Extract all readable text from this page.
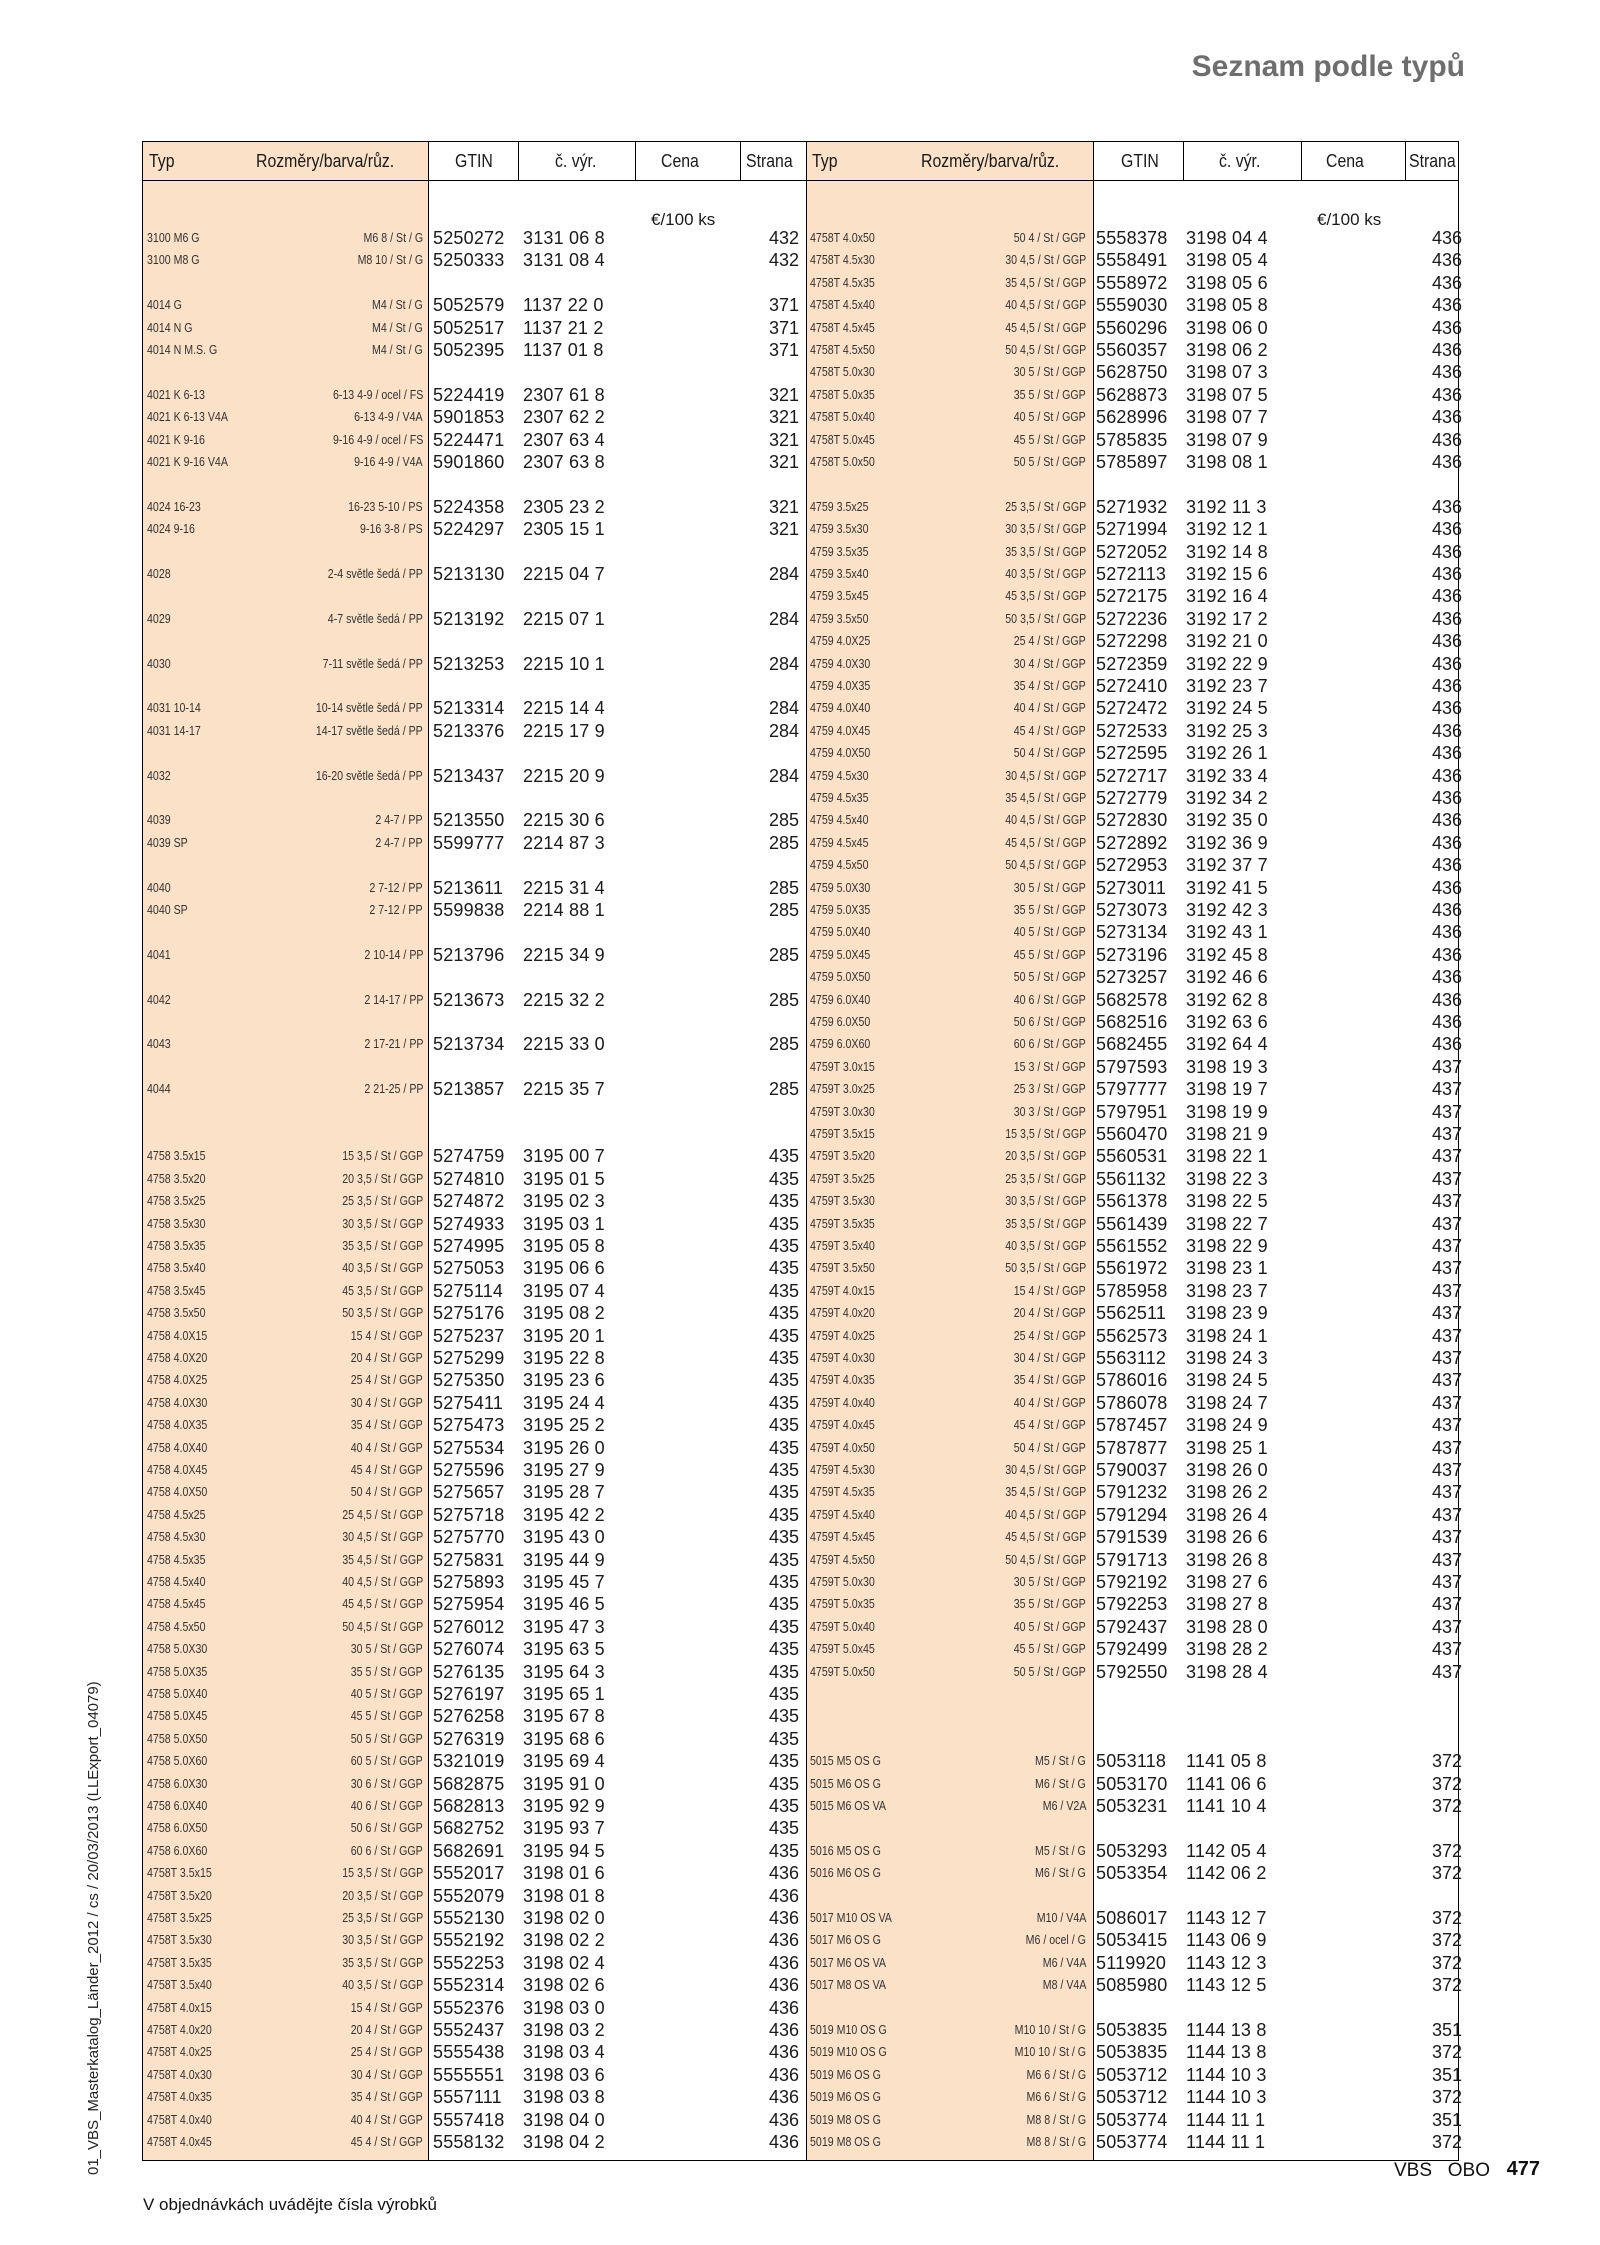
Seznam podle typů
Typ	Rozměry/barva/růz.	GTIN	č. výr.	Cena	Strana Typ	Rozměry/barva/růz.	GTIN	č. výr.	Cena	Strana
€/100 ks	€/100 ks
3100 M6 G	M6 8 / St / G 5250272 3131 06 8	432
3100 M8 G	M8 10 / St / G 5250333 3131 08 4	432
4014 G	M4 / St / G 5052579 1137 22 0	371
4014 N G	M4 / St / G 5052517 1137 21 2	371
4014 N M.S. G	M4 / St / G 5052395 1137 01 8	371
4021 K 6-13	6-13 4-9 / ocel / FS 5224419 2307 61 8	321
4021 K 6-13 V4A	6-13 4-9 / V4A 5901853 2307 62 2	321
4021 K 9-16	9-16 4-9 / ocel / FS 5224471 2307 63 4	321
4021 K 9-16 V4A	9-16 4-9 / V4A 5901860 2307 63 8	321
4024 16-23	16-23 5-10 / PS 5224358 2305 23 2	321
4024 9-16	9-16 3-8 / PS 5224297 2305 15 1	321
4028	2-4 světle šedá / PP 5213130 2215 04 7	284
4029	4-7 světle šedá / PP 5213192 2215 07 1	284
4030	7-11 světle šedá / PP 5213253 2215 10 1	284
4031 10-14	10-14 světle šedá / PP 5213314 2215 14 4	284
4031 14-17	14-17 světle šedá / PP 5213376 2215 17 9	284
4032	16-20 světle šedá / PP 5213437 2215 20 9	284
4039	2 4-7 / PP 5213550 2215 30 6	285
4039 SP	2 4-7 / PP 5599777 2214 87 3	285
4040	2 7-12 / PP 5213611 2215 31 4	285
4040 SP	2 7-12 / PP 5599838 2214 88 1	285
4041	2 10-14 / PP 5213796 2215 34 9	285
4042	2 14-17 / PP 5213673 2215 32 2	285
4043	2 17-21 / PP 5213734 2215 33 0	285
4044	2 21-25 / PP 5213857 2215 35 7	285
4758 3.5x15	15 3,5 / St / GGP 5274759 3195 00 7	435
4758 3.5x20	20 3,5 / St / GGP 5274810 3195 01 5	435
4758 3.5x25	25 3,5 / St / GGP 5274872 3195 02 3	435
4758 3.5x30	30 3,5 / St / GGP 5274933 3195 03 1	435
4758 3.5x35	35 3,5 / St / GGP 5274995 3195 05 8	435
4758 3.5x40	40 3,5 / St / GGP 5275053 3195 06 6	435
4758 3.5x45	45 3,5 / St / GGP 5275114 3195 07 4	435
4758 3.5x50	50 3,5 / St / GGP 5275176 3195 08 2	435
4758 4.0X15	15 4 / St / GGP 5275237 3195 20 1	435
4758 4.0X20	20 4 / St / GGP 5275299 3195 22 8	435
4758 4.0X25	25 4 / St / GGP 5275350 3195 23 6	435
4758 4.0X30	30 4 / St / GGP 5275411 3195 24 4	435
4758 4.0X35	35 4 / St / GGP 5275473 3195 25 2	435
4758 4.0X40	40 4 / St / GGP 5275534 3195 26 0	435
4758 4.0X45	45 4 / St / GGP 5275596 3195 27 9	435
4758 4.0X50	50 4 / St / GGP 5275657 3195 28 7	435
4758 4.5x25	25 4,5 / St / GGP 5275718 3195 42 2	435
4758 4.5x30	30 4,5 / St / GGP 5275770 3195 43 0	435
4758 4.5x35	35 4,5 / St / GGP 5275831 3195 44 9	435
4758 4.5x40	40 4,5 / St / GGP 5275893 3195 45 7	435
4758 4.5x45	45 4,5 / St / GGP 5275954 3195 46 5	435
4758 4.5x50	50 4,5 / St / GGP 5276012 3195 47 3	435
4758 5.0X30	30 5 / St / GGP 5276074 3195 63 5	435
4758 5.0X35	35 5 / St / GGP 5276135 3195 64 3	435
4758 5.0X40	40 5 / St / GGP 5276197 3195 65 1	435
4758 5.0X45	45 5 / St / GGP 5276258 3195 67 8	435
4758 5.0X50	50 5 / St / GGP 5276319 3195 68 6	435
4758 5.0X60	60 5 / St / GGP 5321019 3195 69 4	435
4758 6.0X30	30 6 / St / GGP 5682875 3195 91 0	435
4758 6.0X40	40 6 / St / GGP 5682813 3195 92 9	435
4758 6.0X50	50 6 / St / GGP 5682752 3195 93 7	435
4758 6.0X60	60 6 / St / GGP 5682691 3195 94 5	435
4758T 3.5x15	15 3,5 / St / GGP 5552017 3198 01 6	436
4758T 3.5x20	20 3,5 / St / GGP 5552079 3198 01 8	436
4758T 3.5x25	25 3,5 / St / GGP 5552130 3198 02 0	436
4758T 3.5x30	30 3,5 / St / GGP 5552192 3198 02 2	436
4758T 3.5x35	35 3,5 / St / GGP 5552253 3198 02 4	436
4758T 3.5x40	40 3,5 / St / GGP 5552314 3198 02 6	436
4758T 4.0x15	15 4 / St / GGP 5552376 3198 03 0	436
4758T 4.0x20	20 4 / St / GGP 5552437 3198 03 2	436
4758T 4.0x25	25 4 / St / GGP 5555438 3198 03 4	436
4758T 4.0x30	30 4 / St / GGP 5555551 3198 03 6	436
4758T 4.0x35	35 4 / St / GGP 5557111 3198 03 8	436
4758T 4.0x40	40 4 / St / GGP 5557418 3198 04 0	436
4758T 4.0x45	45 4 / St / GGP 5558132 3198 04 2	436
4758T 4.0x50	50 4 / St / GGP 5558378 3198 04 4	436
4758T 4.5x30	30 4,5 / St / GGP 5558491 3198 05 4	436
4758T 4.5x35	35 4,5 / St / GGP 5558972 3198 05 6	436
4758T 4.5x40	40 4,5 / St / GGP 5559030 3198 05 8	436
4758T 4.5x45	45 4,5 / St / GGP 5560296 3198 06 0	436
4758T 4.5x50	50 4,5 / St / GGP 5560357 3198 06 2	436
4758T 5.0x30	30 5 / St / GGP 5628750 3198 07 3	436
4758T 5.0x35	35 5 / St / GGP 5628873 3198 07 5	436
4758T 5.0x40	40 5 / St / GGP 5628996 3198 07 7	436
4758T 5.0x45	45 5 / St / GGP 5785835 3198 07 9	436
4758T 5.0x50	50 5 / St / GGP 5785897 3198 08 1	436
4759 3.5x25	25 3,5 / St / GGP 5271932 3192 11 3	436
4759 3.5x30	30 3,5 / St / GGP 5271994 3192 12 1	436
4759 3.5x35	35 3,5 / St / GGP 5272052 3192 14 8	436
4759 3.5x40	40 3,5 / St / GGP 5272113 3192 15 6	436
4759 3.5x45	45 3,5 / St / GGP 5272175 3192 16 4	436
4759 3.5x50	50 3,5 / St / GGP 5272236 3192 17 2	436
4759 4.0X25	25 4 / St / GGP 5272298 3192 21 0	436
4759 4.0X30	30 4 / St / GGP 5272359 3192 22 9	436
4759 4.0X35	35 4 / St / GGP 5272410 3192 23 7	436
4759 4.0X40	40 4 / St / GGP 5272472 3192 24 5	436
4759 4.0X45	45 4 / St / GGP 5272533 3192 25 3	436
4759 4.0X50	50 4 / St / GGP 5272595 3192 26 1	436
4759 4.5x30	30 4,5 / St / GGP 5272717 3192 33 4	436
4759 4.5x35	35 4,5 / St / GGP 5272779 3192 34 2	436
4759 4.5x40	40 4,5 / St / GGP 5272830 3192 35 0	436
4759 4.5x45	45 4,5 / St / GGP 5272892 3192 36 9	436
4759 4.5x50	50 4,5 / St / GGP 5272953 3192 37 7	436
4759 5.0X30	30 5 / St / GGP 5273011 3192 41 5	436
4759 5.0X35	35 5 / St / GGP 5273073 3192 42 3	436
4759 5.0X40	40 5 / St / GGP 5273134 3192 43 1	436
4759 5.0X45	45 5 / St / GGP 5273196 3192 45 8	436
4759 5.0X50	50 5 / St / GGP 5273257 3192 46 6	436
4759 6.0X40	40 6 / St / GGP 5682578 3192 62 8	436
4759 6.0X50	50 6 / St / GGP 5682516 3192 63 6	436
4759 6.0X60	60 6 / St / GGP 5682455 3192 64 4	436
4759T 3.0x15	15 3 / St / GGP 5797593 3198 19 3	437
4759T 3.0x25	25 3 / St / GGP 5797777 3198 19 7	437
4759T 3.0x30	30 3 / St / GGP 5797951 3198 19 9	437
4759T 3.5x15	15 3,5 / St / GGP 5560470 3198 21 9	437
4759T 3.5x20	20 3,5 / St / GGP 5560531 3198 22 1	437
4759T 3.5x25	25 3,5 / St / GGP 5561132 3198 22 3	437
4759T 3.5x30	30 3,5 / St / GGP 5561378 3198 22 5	437
4759T 3.5x35	35 3,5 / St / GGP 5561439 3198 22 7	437
4759T 3.5x40	40 3,5 / St / GGP 5561552 3198 22 9	437
4759T 3.5x50	50 3,5 / St / GGP 5561972 3198 23 1	437
4759T 4.0x15	15 4 / St / GGP 5785958 3198 23 7	437
4759T 4.0x20	20 4 / St / GGP 5562511 3198 23 9	437
4759T 4.0x25	25 4 / St / GGP 5562573 3198 24 1	437
4759T 4.0x30	30 4 / St / GGP 5563112 3198 24 3	437
4759T 4.0x35	35 4 / St / GGP 5786016 3198 24 5	437
4759T 4.0x40	40 4 / St / GGP 5786078 3198 24 7	437
4759T 4.0x45	45 4 / St / GGP 5787457 3198 24 9	437
4759T 4.0x50	50 4 / St / GGP 5787877 3198 25 1	437
4759T 4.5x30	30 4,5 / St / GGP 5790037 3198 26 0	437
4759T 4.5x35	35 4,5 / St / GGP 5791232 3198 26 2	437
4759T 4.5x40	40 4,5 / St / GGP 5791294 3198 26 4	437
4759T 4.5x45	45 4,5 / St / GGP 5791539 3198 26 6	437
4759T 4.5x50	50 4,5 / St / GGP 5791713 3198 26 8	437
4759T 5.0x30	30 5 / St / GGP 5792192 3198 27 6	437
4759T 5.0x35	35 5 / St / GGP 5792253 3198 27 8	437
4759T 5.0x40	40 5 / St / GGP 5792437 3198 28 0	437
4759T 5.0x45	45 5 / St / GGP 5792499 3198 28 2	437
4759T 5.0x50	50 5 / St / GGP 5792550 3198 28 4	437
5015 M5 OS G	M5 / St / G 5053118 1141 05 8	372
5015 M6 OS G	M6 / St / G 5053170 1141 06 6	372
5015 M6 OS VA	M6 / V2A 5053231 1141 10 4	372
5016 M5 OS G	M5 / St / G 5053293 1142 05 4	372
5016 M6 OS G	M6 / St / G 5053354 1142 06 2	372
5017 M10 OS VA	M10 / V4A 5086017 1143 12 7	372
5017 M6 OS G	M6 / ocel / G 5053415 1143 06 9	372
5017 M6 OS VA	M6 / V4A 5119920 1143 12 3	372
5017 M8 OS VA	M8 / V4A 5085980 1143 12 5	372
5019 M10 OS G	M10 10 / St / G 5053835 1144 13 8	351
5019 M10 OS G	M10 10 / St / G 5053835 1144 13 8	372
5019 M6 OS G	M6 6 / St / G 5053712 1144 10 3	351
5019 M6 OS G	M6 6 / St / G 5053712 1144 10 3	372
5019 M8 OS G	M8 8 / St / G 5053774 1144 11 1	351
5019 M8 OS G	M8 8 / St / G 5053774 1144 11 1	372
01_VBS_Masterkatalog_Länder_2012 / cs / 20/03/2013 (LLExport_04079)
V objednávkách uvádějte čísla výrobků
VBS OBO 477
